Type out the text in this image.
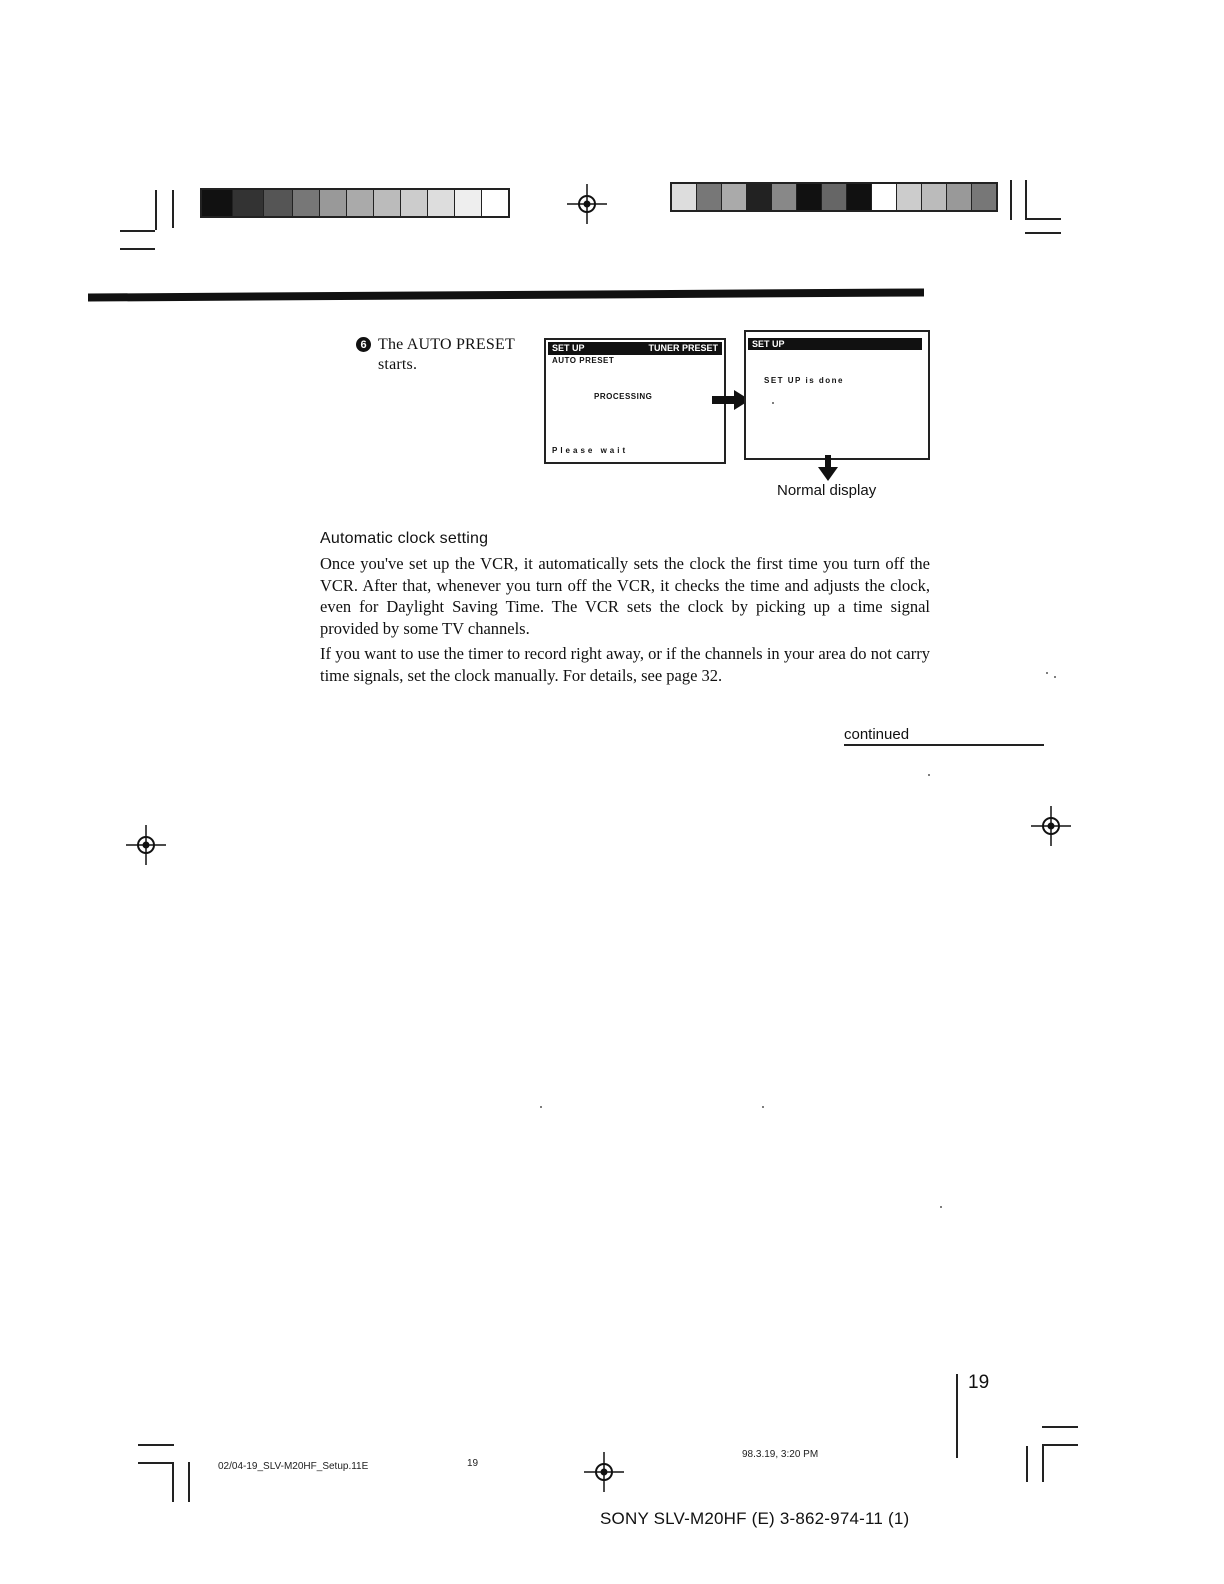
6 The AUTO PRESET starts.
SET UP	TUNER PRESET
AUTO PRESET
PROCESSING
Please wait
SET UP
SET UP is done
Normal display
Automatic clock setting
Once you've set up the VCR, it automatically sets the clock the first time you turn off the VCR. After that, whenever you turn off the VCR, it checks the time and adjusts the clock, even for Daylight Saving Time. The VCR sets the clock by picking up a time signal provided by some TV channels.
If you want to use the timer to record right away, or if the channels in your area do not carry time signals, set the clock manually. For details, see page 32.
continued
19
02/04-19_SLV-M20HF_Setup.11E	19
98.3.19, 3:20 PM
SONY SLV-M20HF (E) 3-862-974-11 (1)
